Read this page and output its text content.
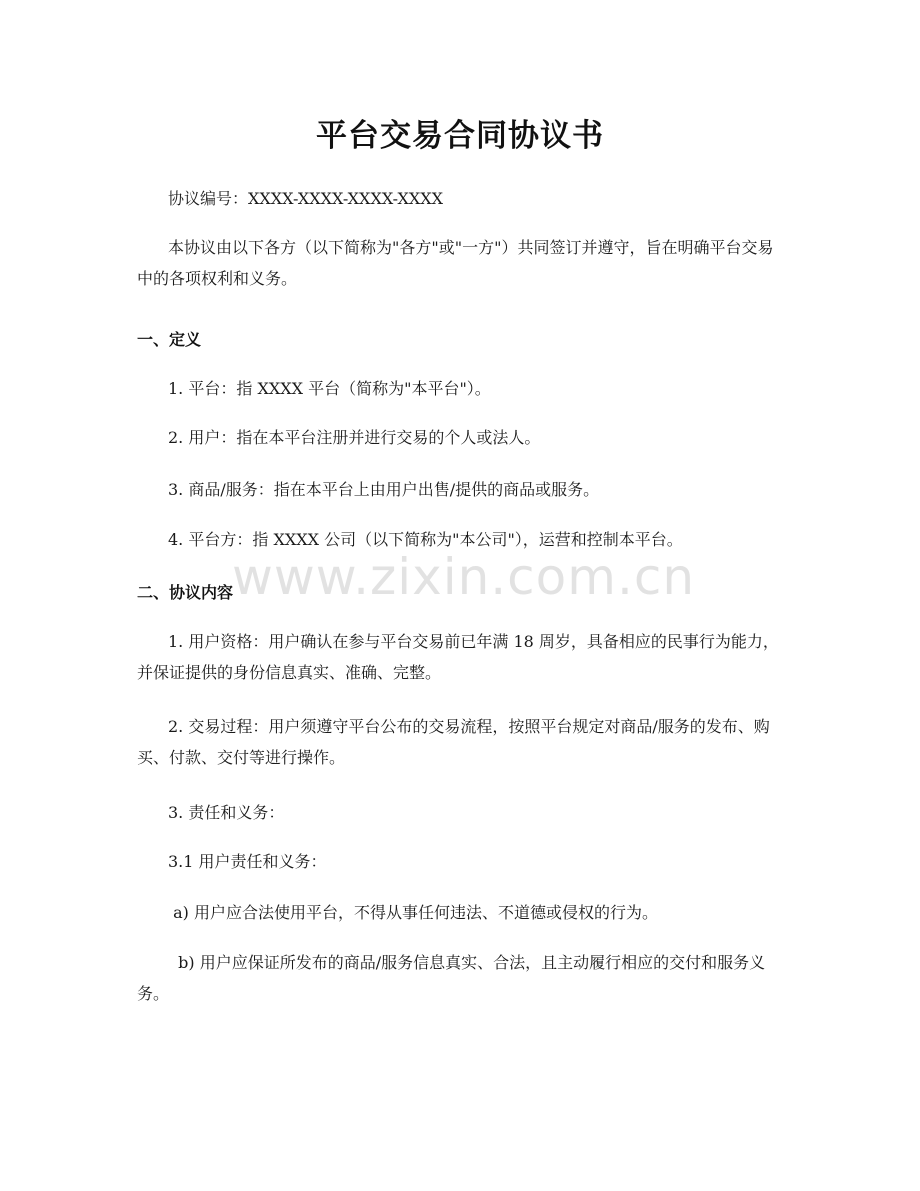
平台交易合同协议书
协议编号：XXXX-XXXX-XXXX-XXXX
本协议由以下各方（以下简称为"各方"或"一方"）共同签订并遵守，旨在明确平台交易中的各项权利和义务。
一、定义
1. 平台：指 XXXX 平台（简称为"本平台"）。
2. 用户：指在本平台注册并进行交易的个人或法人。
3. 商品/服务：指在本平台上由用户出售/提供的商品或服务。
4. 平台方：指 XXXX 公司（以下简称为"本公司"），运营和控制本平台。
二、协议内容
1. 用户资格：用户确认在参与平台交易前已年满 18 周岁，具备相应的民事行为能力，并保证提供的身份信息真实、准确、完整。
2. 交易过程：用户须遵守平台公布的交易流程，按照平台规定对商品/服务的发布、购买、付款、交付等进行操作。
3. 责任和义务：
3.1 用户责任和义务：
a) 用户应合法使用平台，不得从事任何违法、不道德或侵权的行为。
b) 用户应保证所发布的商品/服务信息真实、合法，且主动履行相应的交付和服务义务。
www.zixin.com.cn
